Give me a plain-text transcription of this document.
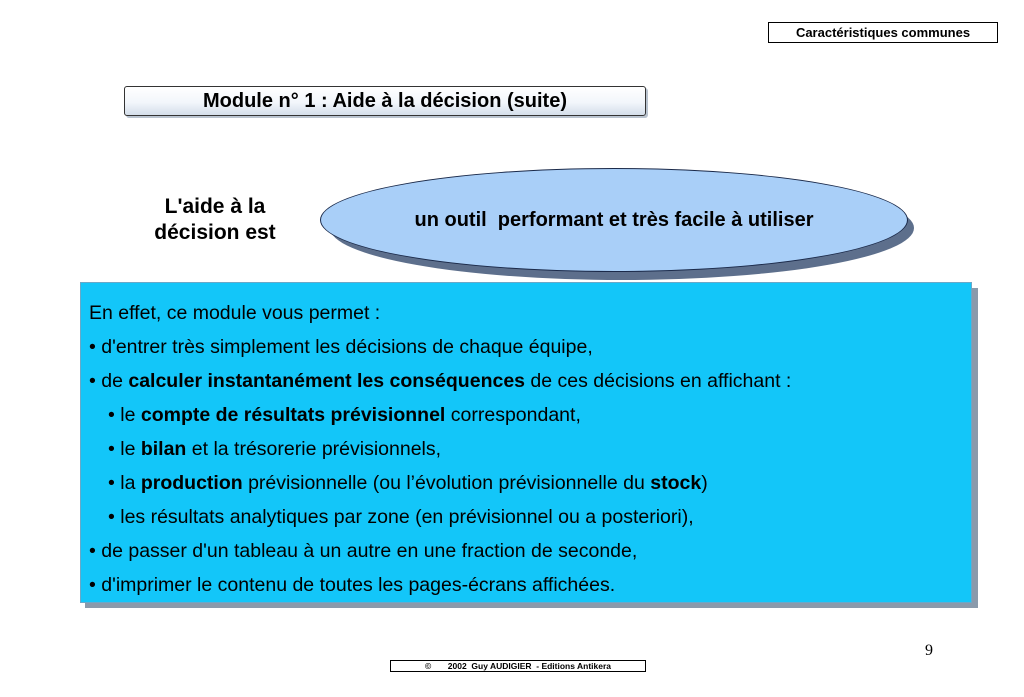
Caractéristiques communes
Module n° 1 : Aide à la décision (suite)
L'aide à la
décision est
un outil  performant et très facile à utiliser
En effet, ce module vous permet :
• d'entrer très simplement les décisions de chaque équipe,
• de calculer instantanément les conséquences de ces décisions en affichant :
• le compte de résultats prévisionnel correspondant,
• le bilan et la trésorerie prévisionnels,
• la production prévisionnelle (ou l’évolution prévisionnelle du stock)
• les résultats analytiques par zone (en prévisionnel ou a posteriori),
• de passer d'un tableau à un autre en une fraction de seconde,
• d'imprimer le contenu de toutes les pages-écrans affichées.
9
©       2002  Guy AUDIGIER  - Editions Antikera
